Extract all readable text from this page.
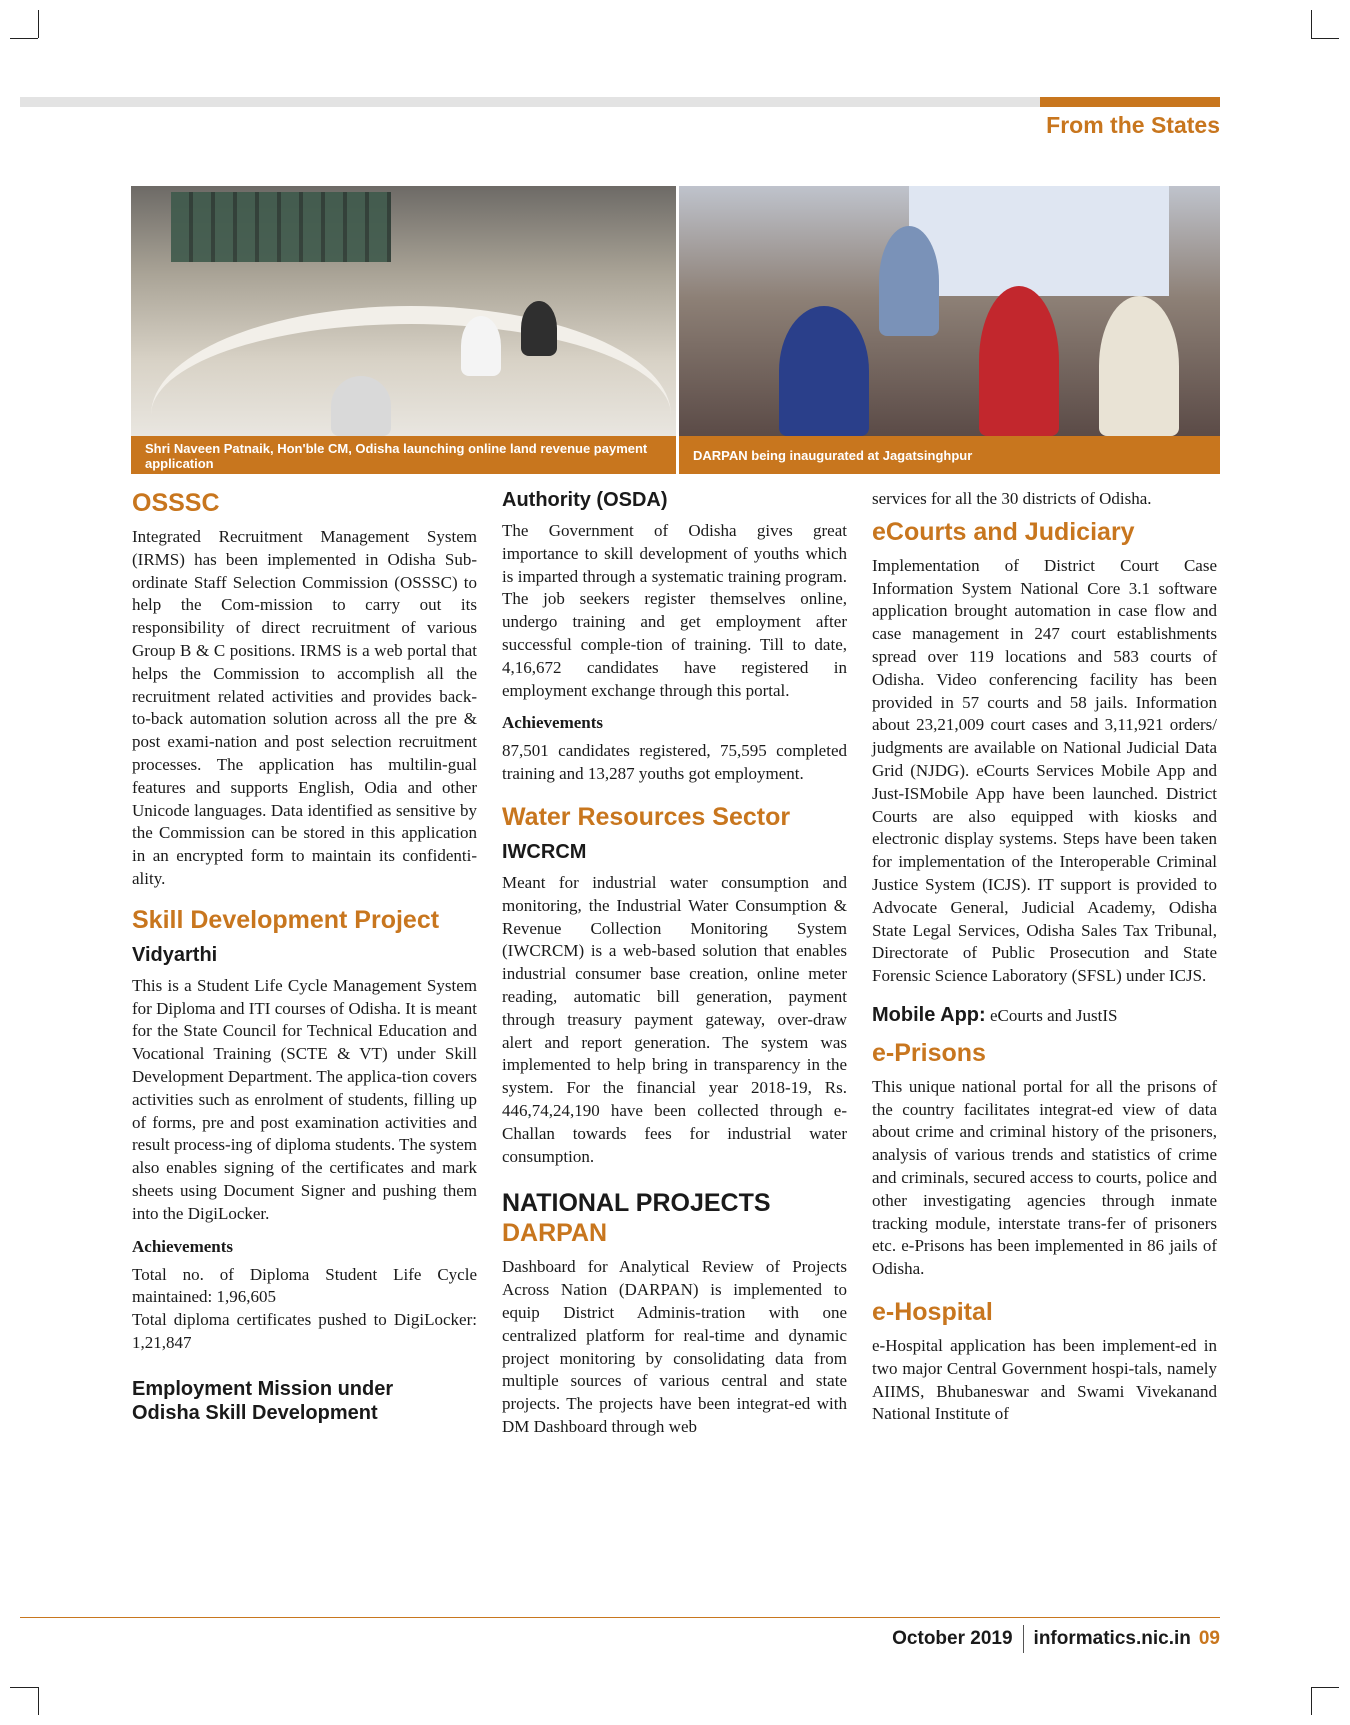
From the States
Shri Naveen Patnaik, Hon'ble CM, Odisha launching online land revenue payment application
DARPAN being inaugurated at Jagatsinghpur
OSSSC

Integrated Recruitment Management System (IRMS) has been implemented in Odisha Sub-ordinate Staff Selection Commission (OSSSC) to help the Com-mission to carry out its responsibility of direct recruitment of various Group B & C positions. IRMS is a web portal that helps the Commission to accomplish all the recruitment related activities and provides back-to-back automation solution across all the pre & post exami-nation and post selection recruitment processes. The application has multilin-gual features and supports English, Odia and other Unicode languages. Data identified as sensitive by the Commission can be stored in this application in an encrypted form to maintain its confidenti-ality.

Skill Development Project
Vidyarthi

This is a Student Life Cycle Management System for Diploma and ITI courses of Odisha. It is meant for the State Council for Technical Education and Vocational Training (SCTE & VT) under Skill Development Department. The applica-tion covers activities such as enrolment of students, filling up of forms, pre and post examination activities and result process-ing of diploma students. The system also enables signing of the certificates and mark sheets using Document Signer and pushing them into the DigiLocker.

Achievements

Total no. of Diploma Student Life Cycle maintained: 1,96,605

Total diploma certificates pushed to DigiLocker: 1,21,847

Employment Mission under
Odisha Skill Development
Authority (OSDA)

The Government of Odisha gives great importance to skill development of youths which is imparted through a systematic training program. The job seekers register themselves online, undergo training and get employment after successful comple-tion of training. Till to date, 4,16,672 candidates have registered in employment exchange through this portal.

Achievements

87,501 candidates registered, 75,595 completed training and 13,287 youths got employment.

Water Resources Sector
IWCRCM

Meant for industrial water consumption and monitoring, the Industrial Water Consumption & Revenue Collection Monitoring System (IWCRCM) is a web-based solution that enables industrial consumer base creation, online meter reading, automatic bill generation, payment through treasury payment gateway, over-draw alert and report generation. The system was implemented to help bring in transparency in the system. For the financial year 2018-19, Rs. 446,74,24,190 have been collected through e-Challan towards fees for industrial water consumption.

NATIONAL PROJECTS
DARPAN

Dashboard for Analytical Review of Projects Across Nation (DARPAN) is implemented to equip District Adminis-tration with one centralized platform for real-time and dynamic project monitoring by consolidating data from multiple sources of various central and state projects. The projects have been integrat-ed with DM Dashboard through web

services for all the 30 districts of Odisha.

eCourts and Judiciary

Implementation of District Court Case Information System National Core 3.1 software application brought automation in case flow and case management in 247 court establishments spread over 119 locations and 583 courts of Odisha. Video conferencing facility has been provided in 57 courts and 58 jails. Information about 23,21,009 court cases and 3,11,921 orders/ judgments are available on National Judicial Data Grid (NJDG). eCourts Services Mobile App and Just-ISMobile App have been launched. District Courts are also equipped with kiosks and electronic display systems. Steps have been taken for implementation of the Interoperable Criminal Justice System (ICJS). IT support is provided to Advocate General, Judicial Academy, Odisha State Legal Services, Odisha Sales Tax Tribunal, Directorate of Public Prosecution and State Forensic Science Laboratory (SFSL) under ICJS.

Mobile App: eCourts and JustIS

e-Prisons

This unique national portal for all the prisons of the country facilitates integrat-ed view of data about crime and criminal history of the prisoners, analysis of various trends and statistics of crime and criminals, secured access to courts, police and other investigating agencies through inmate tracking module, interstate trans-fer of prisoners etc. e-Prisons has been implemented in 86 jails of Odisha.

e-Hospital

e-Hospital application has been implement-ed in two major Central Government hospi-tals, namely AIIMS, Bhubaneswar and Swami Vivekanand National Institute of

October 2019 informatics.nic.in 09
